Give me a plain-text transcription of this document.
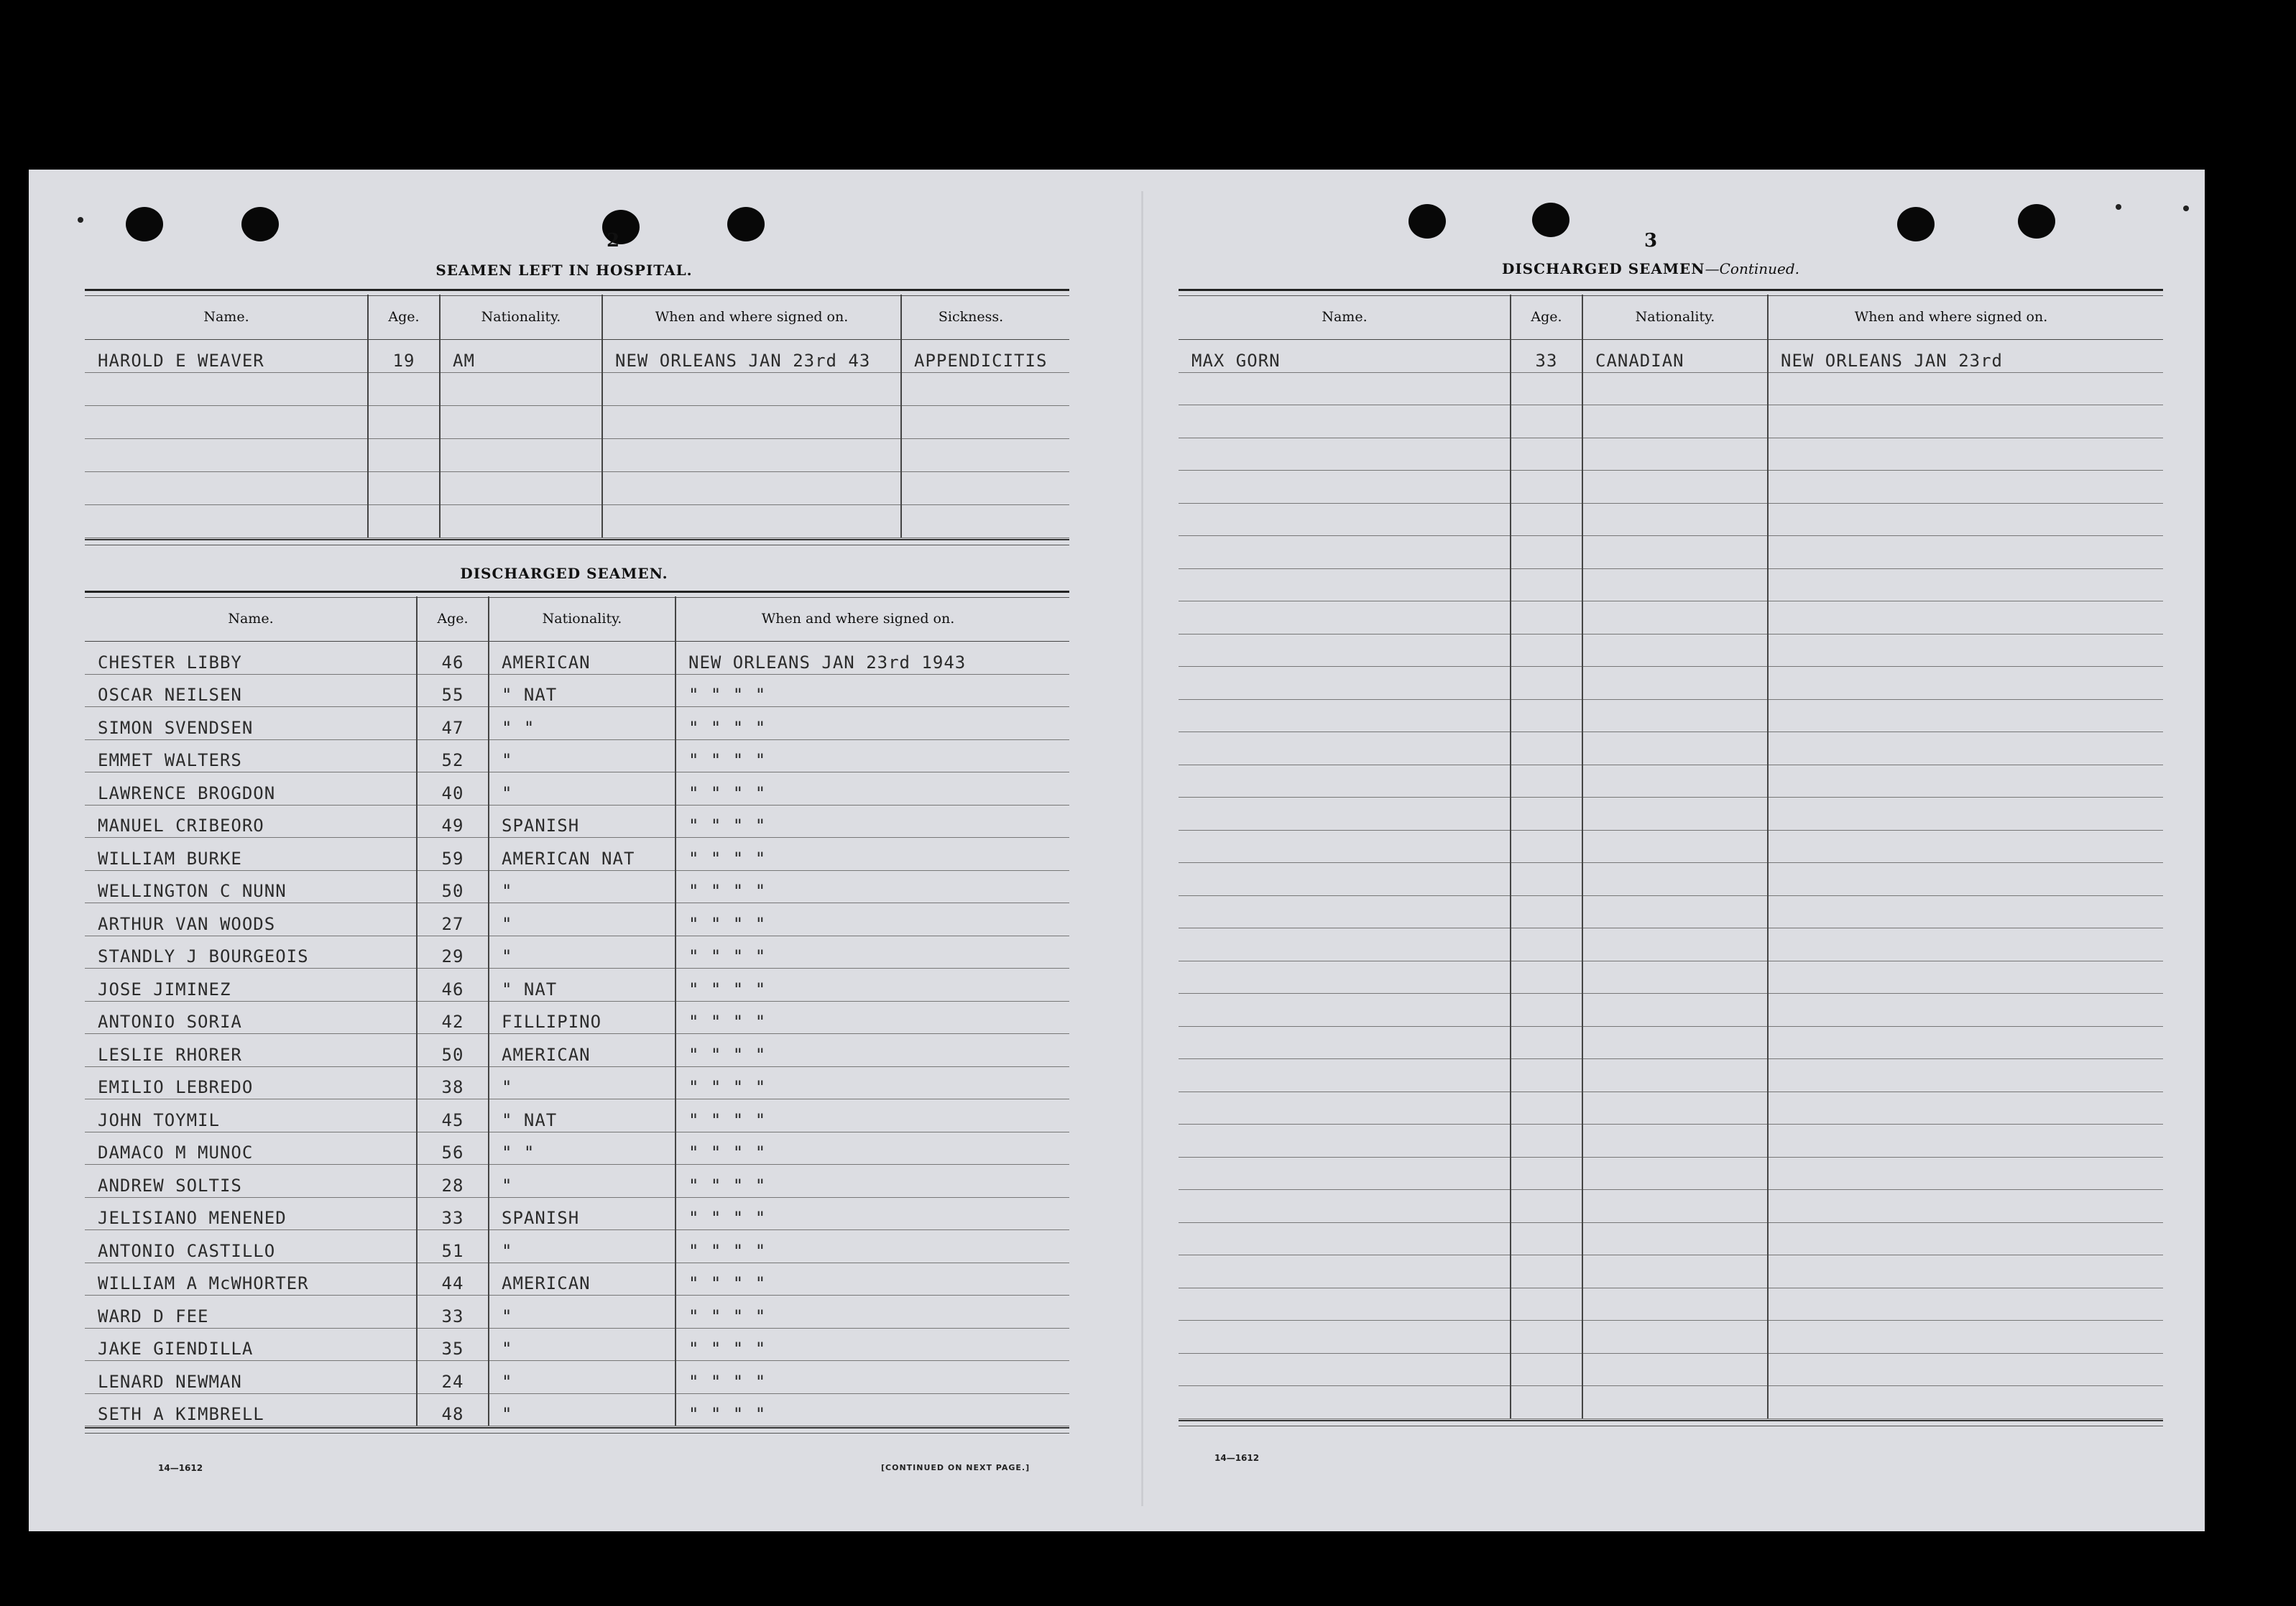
2
SEAMEN LEFT IN HOSPITAL.
Name.	Age.	Nationality.	When and where signed on.	Sickness.
HAROLD E WEAVER	19	AM	NEW ORLEANS JAN 23rd 43	APPENDICITIS
DISCHARGED SEAMEN.
Name.	Age.	Nationality.	When and where signed on.
CHESTER LIBBY	46	AMERICAN	NEW ORLEANS JAN 23rd 1943
OSCAR NEILSEN	55	" NAT	" " " "
SIMON SVENDSEN	47	" "	" " " "
EMMET WALTERS	52	"	" " " "
LAWRENCE BROGDON	40	"	" " " "
MANUEL CRIBEORO	49	SPANISH	" " " "
WILLIAM BURKE	59	AMERICAN NAT	" " " "
WELLINGTON C NUNN	50	"	" " " "
ARTHUR VAN WOODS	27	"	" " " "
STANDLY J BOURGEOIS	29	"	" " " "
JOSE JIMINEZ	46	" NAT	" " " "
ANTONIO SORIA	42	FILLIPINO	" " " "
LESLIE RHORER	50	AMERICAN	" " " "
EMILIO LEBREDO	38	"	" " " "
JOHN TOYMIL	45	" NAT	" " " "
DAMACO M MUNOC	56	" "	" " " "
ANDREW SOLTIS	28	"	" " " "
JELISIANO MENENED	33	SPANISH	" " " "
ANTONIO CASTILLO	51	"	" " " "
WILLIAM A McWHORTER	44	AMERICAN	" " " "
WARD D FEE	33	"	" " " "
JAKE GIENDILLA	35	"	" " " "
LENARD NEWMAN	24	"	" " " "
SETH A KIMBRELL	48	"	" " " "
14—1612	[CONTINUED ON NEXT PAGE.]
3
DISCHARGED SEAMEN—Continued.
Name.	Age.	Nationality.	When and where signed on.
MAX GORN	33	CANADIAN	NEW ORLEANS JAN 23rd
14—1612
